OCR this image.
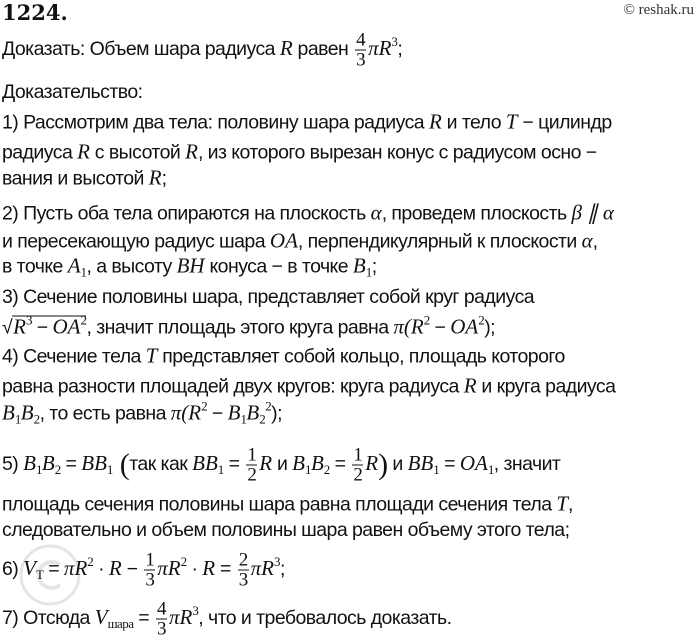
1224.	© reshak.ru
Доказать: Объем шара радиуса R равен $\frac{4}{3} \pi R^3$;
Доказательство:
1) Рассмотрим два тела: половину шара радиуса R и тело T − цилиндр
радиуса R с высотой R, из которого вырезан конус с радиусом осно −
вания и высотой R;
2) Пусть оба тела опираются на плоскость α, проведем плоскость β ∥ α
и пересекающую радиус шара OA, перпендикулярный к плоскости α,
в точке $A_1$, а высоту BH конуса − в точке $B_1$;
3) Сечение половины шара, представляет собой круг радиуса
$√R^3 - OA^2$, значит площадь этого круга равна $\pi(R^2 - OA^2)$;
4) Сечение тела T представляет собой кольцо, площадь которого
равна разности площадей двух кругов: круга радиуса R и круга радиуса
$B_1B_2$, то есть равна $\pi(R^2 - B_1B_2^2)$;
5) $B_1B_2 = BB_1$ (так как $BB_1 = \frac{1}{2}$ R и $B_1B_2 = \frac{1}{2} R$) и $BB_1 = OA_1$, значит
площадь сечения половины шара равна площади сечения тела T,
следовательно и объем половины шара равен объему этого тела;
6) $V_T = \pi R^2 \cdot R - \frac{1}{3} \pi R^2 \cdot R = \frac{2}{3} \pi R^3$;
7) Отсюда $V_{шара} = \frac{4}{3} \pi R^3$, что и требовалось доказать.
